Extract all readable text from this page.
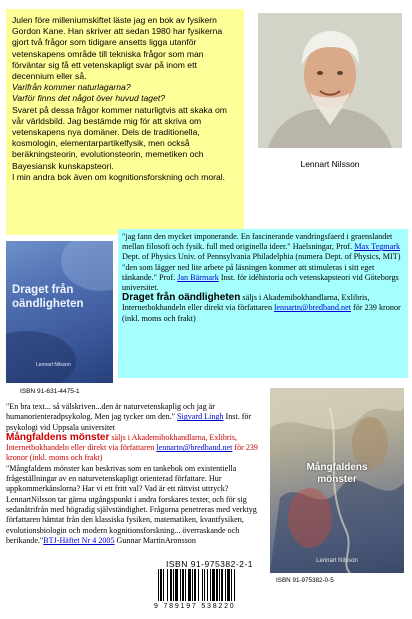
Julen före milleniumskiftet läste jag en bok av fysikern Gordon Kane. Han skriver att sedan 1980 har fysikerna gjort två frågor som tidigare ansetts ligga utanför vetenskapens område till tekniska frågor som man förväntar sig få ett vetenskapligt svar på inom ett decennium eller så.

Varifrån kommer naturlagarna?

Varför finns det något över huvud taget?

Svaret på dessa frågor kommer naturligtvis att skaka om vår världsbild. Jag bestämde mig för att skriva om vetenskapens nya domäner. Dels de traditionella, kosmologin, elementarpartikelfysik, men också beräkningsteorin, evolutionsteorin, memetiken och Bayesiansk kunskapsteori.

I min andra bok även om kognitionsforskning och moral.

Lennart Nilsson
Draget från
oändligheten
Lennart Nilsson
ISBN 91-631-4475-1

"jag fann den mycket imponerande. En fascinerande vandringsfaerd i graenslandet mellan filosofi och fysik. full med originella ideer." Haelsningar, Prof. Max Tegmark Dept. of Physics Univ. of Pennsylvania Philadelphia (numera Dept. of Physics, MIT)

"den som lägger ned lite arbete på läsningen kommer att stimuleras i sitt eget tänkande." Prof. Jan Bärmark Inst. för idéhistoria och vetenskapsteori vid Göteborgs universitet.

Draget från oändligheten säljs i Akademibokhandlarna, Exlibris, Internetbokhandeln eller direkt via författaren lennartn@bredband.net för 239 kronor (inkl. moms och frakt)

"En bra text... så välskriven...den är naturvetenskaplig och jag är humanorienteradpsykolog. Men jag tycker om den." Sigvard Lingh Inst. för psykologi vid Uppsala universitet

Mångfaldens mönster säljs i Akademibokhandlarna, Exlibris, Internetbokhandeln eller direkt via författaren lennartn@bredband.net för 239 kronor (inkl. moms och frakt)

"Mångfaldens mönster kan beskrivas som en tankebok om existentiella frågeställningar av en naturvetenskapligt orienterad författare. Hur uppkommerkänslorna? Har vi ett fritt val? Vad är ett rättvist uttryck? LennartNilsson tar gärna utgångspunkt i andra forskares texter, och för sig sedanåtrifrån med högradig självständighet. Frågorna penetreras med verktyg författaren hämtat från den klassiska fysiken, matematiken, kvantfysiken, evolutionsbiologin och modern kognitionsforskning... överraskande och berikande."BTJ-Häftet Nr 4 2005 Gunnar MartinAronsson

Mångfaldens
mönster
Lennart Nilsson
ISBN 91-975382-0-5
ISBN 91-975382-2-1
9 789197 538220
